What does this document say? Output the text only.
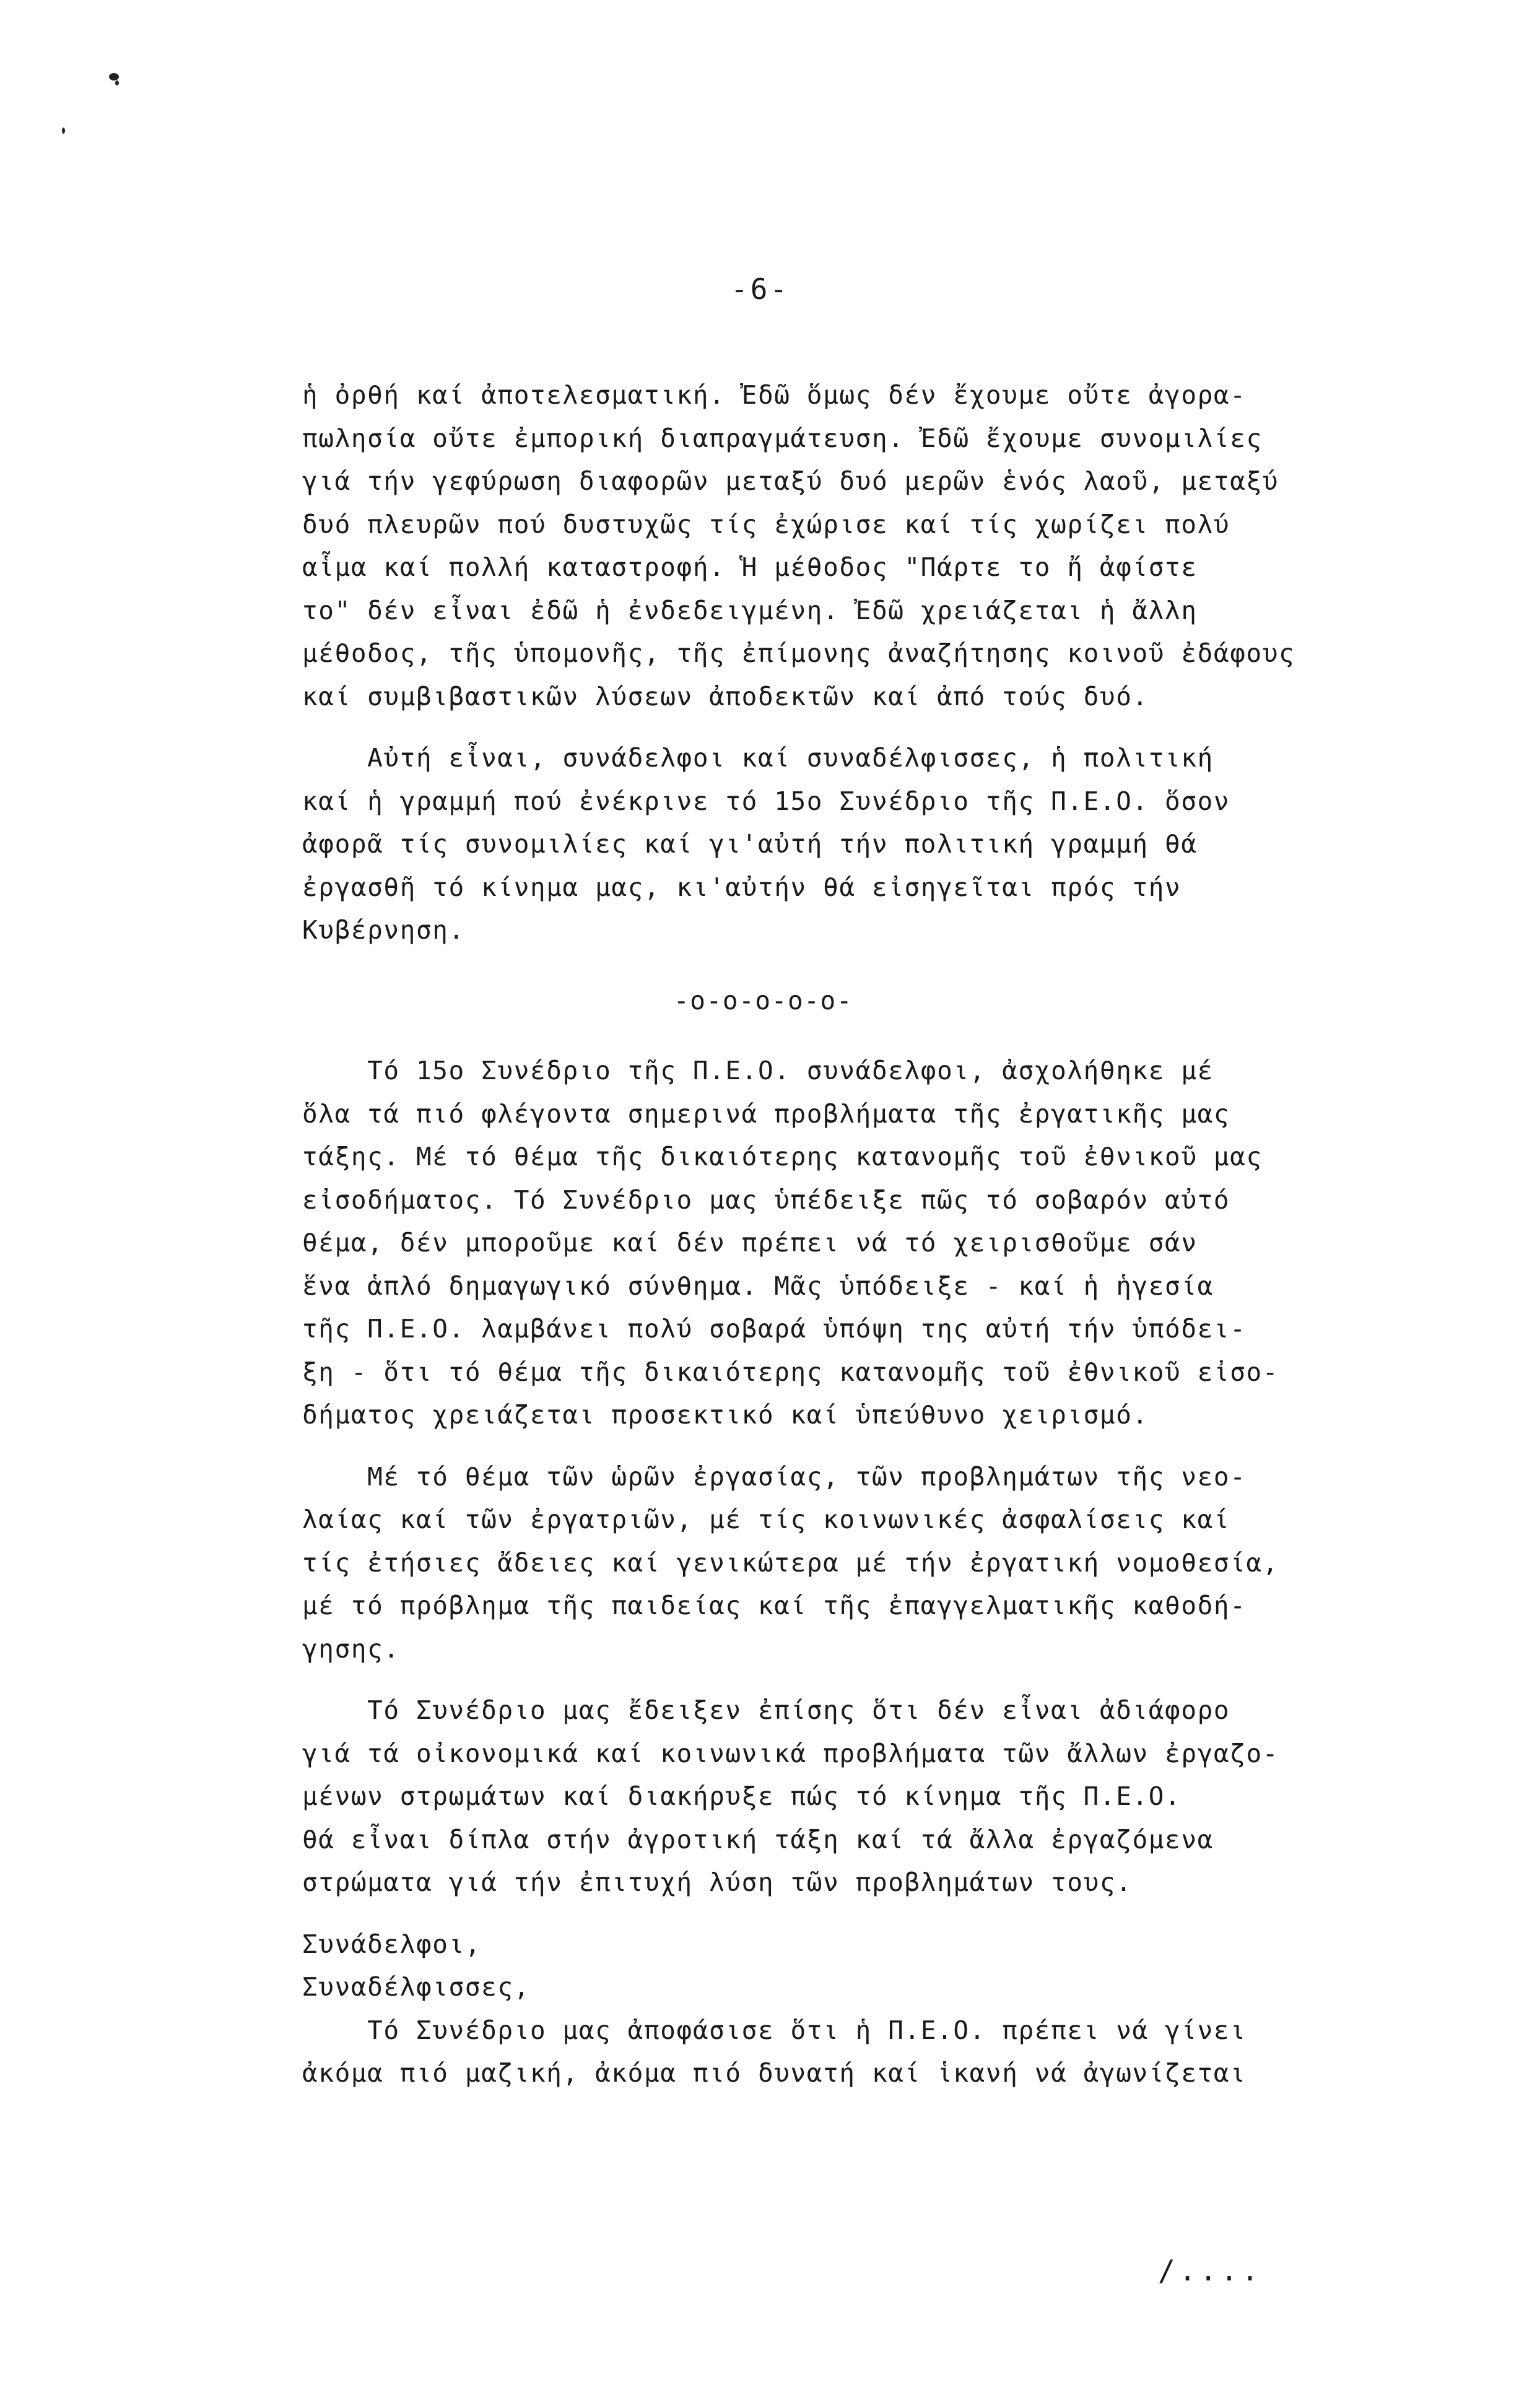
-6-
ἡ ὀρθή καί ἀποτελεσματική. Ἐδῶ ὅμως δέν ἔχουμε οὔτε ἀγορα-
πωλησία οὔτε ἐμπορική διαπραγμάτευση. Ἐδῶ ἔχουμε συνομιλίες
γιά τήν γεφύρωση διαφορῶν μεταξύ δυό μερῶν ἑνός λαοῦ, μεταξύ
δυό πλευρῶν πού δυστυχῶς τίς ἐχώρισε καί τίς χωρίζει πολύ
αἷμα καί πολλή καταστροφή. Ἡ μέθοδος "Πάρτε το ἤ ἀφίστε
το" δέν εἶναι ἐδῶ ἡ ἐνδεδειγμένη. Ἐδῶ χρειάζεται ἡ ἄλλη
μέθοδος, τῆς ὑπομονῆς, τῆς ἐπίμονης ἀναζήτησης κοινοῦ ἐδάφους
καί συμβιβαστικῶν λύσεων ἀποδεκτῶν καί ἀπό τούς δυό.
Αὐτή εἶναι, συνάδελφοι καί συναδέλφισσες, ἡ πολιτική
καί ἡ γραμμή πού ἐνέκρινε τό 15ο Συνέδριο τῆς Π.Ε.Ο. ὅσον
ἀφορᾶ τίς συνομιλίες καί γι'αὐτή τήν πολιτική γραμμή θά
ἐργασθῆ τό κίνημα μας, κι'αὐτήν θά εἰσηγεῖται πρός τήν
Κυβέρνηση.
-o-o-o-o-o-
Τό 15ο Συνέδριο τῆς Π.Ε.Ο. συνάδελφοι, ἀσχολήθηκε μέ
ὅλα τά πιό φλέγοντα σημερινά προβλήματα τῆς ἐργατικῆς μας
τάξης. Μέ τό θέμα τῆς δικαιότερης κατανομῆς τοῦ ἐθνικοῦ μας
εἰσοδήματος. Τό Συνέδριο μας ὑπέδειξε πῶς τό σοβαρόν αὐτό
θέμα, δέν μποροῦμε καί δέν πρέπει νά τό χειρισθοῦμε σάν
ἕνα ἁπλό δημαγωγικό σύνθημα. Μᾶς ὑπόδειξε - καί ἡ ἡγεσία
τῆς Π.Ε.Ο. λαμβάνει πολύ σοβαρά ὑπόψη της αὐτή τήν ὑπόδει-
ξη - ὅτι τό θέμα τῆς δικαιότερης κατανομῆς τοῦ ἐθνικοῦ εἰσο-
δήματος χρειάζεται προσεκτικό καί ὑπεύθυνο χειρισμό.
Μέ τό θέμα τῶν ὡρῶν ἐργασίας, τῶν προβλημάτων τῆς νεο-
λαίας καί τῶν ἐργατριῶν, μέ τίς κοινωνικές ἀσφαλίσεις καί
τίς ἐτήσιες ἄδειες καί γενικώτερα μέ τήν ἐργατική νομοθεσία,
μέ τό πρόβλημα τῆς παιδείας καί τῆς ἐπαγγελματικῆς καθοδή-
γησης.
Τό Συνέδριο μας ἔδειξεν ἐπίσης ὅτι δέν εἶναι ἀδιάφορο
γιά τά οἰκονομικά καί κοινωνικά προβλήματα τῶν ἄλλων ἐργαζο-
μένων στρωμάτων καί διακήρυξε πώς τό κίνημα τῆς Π.Ε.Ο.
θά εἶναι δίπλα στήν ἀγροτική τάξη καί τά ἄλλα ἐργαζόμενα
στρώματα γιά τήν ἐπιτυχή λύση τῶν προβλημάτων τους.
Συνάδελφοι,
Συναδέλφισσες,
Τό Συνέδριο μας ἀποφάσισε ὅτι ἡ Π.Ε.Ο. πρέπει νά γίνει
ἀκόμα πιό μαζική, ἀκόμα πιό δυνατή καί ἱκανή νά ἀγωνίζεται
/....
